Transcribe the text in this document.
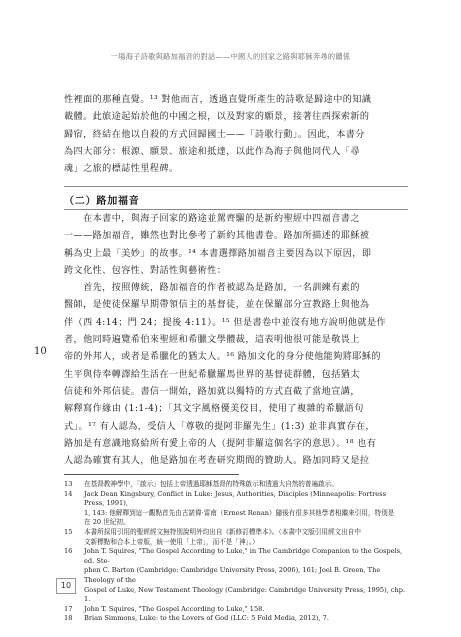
一場海子詩歌與路加福音的對話——中國人的回家之路與耶穌奔尋的饋係
性裡面的那種直覺。¹³ 對他而言，透過直覺所產生的詩歌是歸途中的知識
載體。此旅途起始於他的中國之根，以及對家的願景，接著往西探索新的
歸宿，終結在他以自殺的方式回歸國土——「詩歌行動」。因此，本書分
為四大部分：根源、願景、旅途和抵達，以此作為海子與他同代人「尋
魂」之旅的標誌性里程碑。
（二）路加福音
　　在本書中，與海子回家的路途並駕齊驅的是新約聖經中四福音書之
一——路加福音，雖然也對比參考了新約其他書卷。路加所描述的耶穌被
稱為史上最「美妙」的故事。¹⁴ 本書選擇路加福音主要因為以下原因，即
跨文化性、包容性、對話性與藝術性：
　　首先，按照傳統，路加福音的作者被認為是路加，一名訓練有素的
醫師，是使徒保羅早期帶領信主的基督徒，並在保羅部分宣教路上與他為
伴（西 4:14；門 24；提後 4:11）。¹⁵ 但是書卷中並沒有地方說明他就是作
者，他同時遍覽希伯來聖經和希臘文學體裁，這表明他很可能是敬畏上
帝的外邦人，或者是希臘化的猶太人。¹⁶ 路加文化的身分使他能夠將耶穌的
生平與侍奉轉譯給生活在一世紀希臘羅馬世界的基督徒群體，包括猶太
信徒和外邦信徒。書信一開始，路加就以獨特的方式直截了當地宣講，
解釋寫作緣由 (1:1-4)；「其文字風格優美佼目，使用了複雜的希臘語句
式」。¹⁷ 有人認為，受信人「尊敬的提阿非羅先生」(1:3) 並非真實存在，
路加是有意識地寫給所有愛上帝的人（提阿非羅這個名字的意思）。¹⁸ 也有
人認為確實有其人，他是路加在考查研究期間的贊助人。路加同時又是拉
10
13	在基督教神學中，「啟示」包括上帝透過耶穌基督的特殊啟示和透過大自然的普遍啟示。
14	Jack Dean Kingsbury, Conflict in Luke: Jesus, Authorities, Disciples (Minneapolis: Fortress Press, 1991),
1, 143: 他解釋到這一觀點首先由古諾偉·雷南（Ernest Renan）隨後有很多其他學者相繼來引用，特別是
在 20 世紀初。
15	本書所採用引用的聖經經文無特別說明外均出自《新修訂標準本》。（本書中文版引用經文出自中
文新標點和合本上帝版，統一使用「上帝」，而不是「神」。）
16	John T. Squires, "The Gospel According to Luke," in The Cambridge Companion to the Gospels, ed. Ste-
phen C. Barton (Cambridge: Cambridge University Press, 2006), 161; Joel B. Green, The Theology of the
Gospel of Luke, New Testament Theology (Cambridge: Cambridge University Press, 1995), chp. 1.
17	John T. Squires, "The Gospel According to Luke," 158.
18	Brian Simmons, Luke: to the Lovers of God (LLC: 5 Fold Media, 2012), 7.
10
